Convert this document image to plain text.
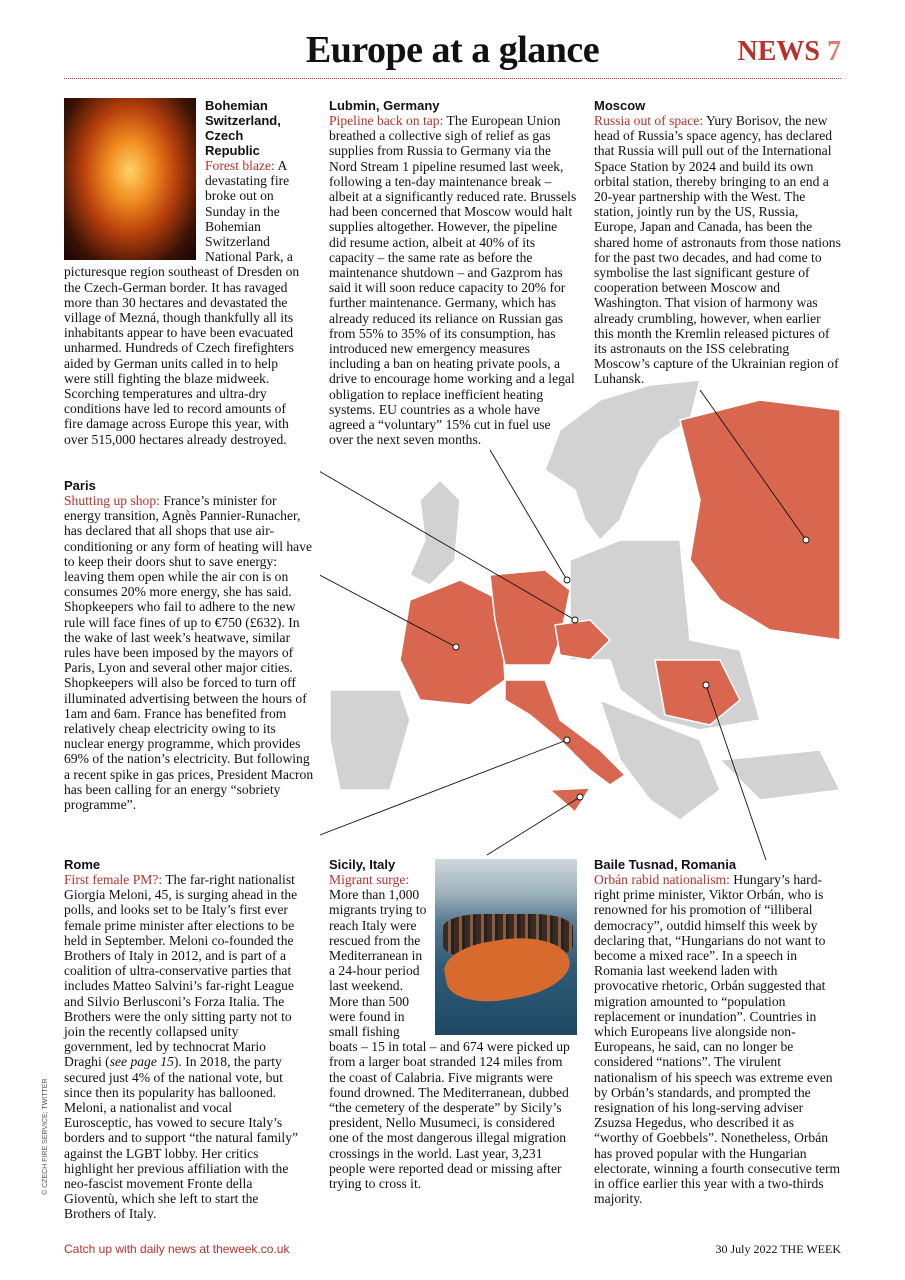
Europe at a glance	NEWS 7
Bohemian Switzerland, Czech Republic
Forest blaze: A devastating fire broke out on Sunday in the Bohemian Switzerland National Park, a picturesque region southeast of Dresden on the Czech-German border. It has ravaged more than 30 hectares and devastated the village of Mezná, though thankfully all its inhabitants appear to have been evacuated unharmed. Hundreds of Czech firefighters aided by German units called in to help were still fighting the blaze midweek. Scorching temperatures and ultra-dry conditions have led to record amounts of fire damage across Europe this year, with over 515,000 hectares already destroyed.
Lubmin, Germany
Pipeline back on tap: The European Union breathed a collective sigh of relief as gas supplies from Russia to Germany via the Nord Stream 1 pipeline resumed last week, following a ten-day maintenance break – albeit at a significantly reduced rate. Brussels had been concerned that Moscow would halt supplies altogether. However, the pipeline did resume action, albeit at 40% of its capacity – the same rate as before the maintenance shutdown – and Gazprom has said it will soon reduce capacity to 20% for further maintenance. Germany, which has already reduced its reliance on Russian gas from 55% to 35% of its consumption, has introduced new emergency measures including a ban on heating private pools, a drive to encourage home working and a legal obligation to replace inefficient heating systems. EU countries as a whole have agreed a “voluntary” 15% cut in fuel use over the next seven months.
Moscow
Russia out of space: Yury Borisov, the new head of Russia’s space agency, has declared that Russia will pull out of the International Space Station by 2024 and build its own orbital station, thereby bringing to an end a 20-year partnership with the West. The station, jointly run by the US, Russia, Europe, Japan and Canada, has been the shared home of astronauts from those nations for the past two decades, and had come to symbolise the last significant gesture of cooperation between Moscow and Washington. That vision of harmony was already crumbling, however, when earlier this month the Kremlin released pictures of its astronauts on the ISS celebrating Moscow’s capture of the Ukrainian region of Luhansk.
Paris
Shutting up shop: France’s minister for energy transition, Agnès Pannier-Runacher, has declared that all shops that use air-conditioning or any form of heating will have to keep their doors shut to save energy: leaving them open while the air con is on consumes 20% more energy, she has said. Shopkeepers who fail to adhere to the new rule will face fines of up to €750 (£632). In the wake of last week’s heatwave, similar rules have been imposed by the mayors of Paris, Lyon and several other major cities. Shopkeepers will also be forced to turn off illuminated advertising between the hours of 1am and 6am. France has benefited from relatively cheap electricity owing to its nuclear energy programme, which provides 69% of the nation’s electricity. But following a recent spike in gas prices, President Macron has been calling for an energy “sobriety programme”.
Rome
First female PM?: The far-right nationalist Giorgia Meloni, 45, is surging ahead in the polls, and looks set to be Italy’s first ever female prime minister after elections to be held in September. Meloni co-founded the Brothers of Italy in 2012, and is part of a coalition of ultra-conservative parties that includes Matteo Salvini’s far-right League and Silvio Berlusconi’s Forza Italia. The Brothers were the only sitting party not to join the recently collapsed unity government, led by technocrat Mario Draghi (see page 15). In 2018, the party secured just 4% of the national vote, but since then its popularity has ballooned. Meloni, a nationalist and vocal Eurosceptic, has vowed to secure Italy’s borders and to support “the natural family” against the LGBT lobby. Her critics highlight her previous affiliation with the neo-fascist movement Fronte della Gioventù, which she left to start the Brothers of Italy.
Sicily, Italy
Migrant surge: More than 1,000 migrants trying to reach Italy were rescued from the Mediterranean in a 24-hour period last weekend. More than 500 were found in small fishing boats – 15 in total – and 674 were picked up from a larger boat stranded 124 miles from the coast of Calabria. Five migrants were found drowned. The Mediterranean, dubbed “the cemetery of the desperate” by Sicily’s president, Nello Musumeci, is considered one of the most dangerous illegal migration crossings in the world. Last year, 3,231 people were reported dead or missing after trying to cross it.
Baile Tusnad, Romania
Orbán rabid nationalism: Hungary’s hard-right prime minister, Viktor Orbán, who is renowned for his promotion of “illiberal democracy”, outdid himself this week by declaring that, “Hungarians do not want to become a mixed race”. In a speech in Romania last weekend laden with provocative rhetoric, Orbán suggested that migration amounted to “population replacement or inundation”. Countries in which Europeans live alongside non-Europeans, he said, can no longer be considered “nations”. The virulent nationalism of his speech was extreme even by Orbán’s standards, and prompted the resignation of his long-serving adviser Zsuzsa Hegedus, who described it as “worthy of Goebbels”. Nonetheless, Orbán has proved popular with the Hungarian electorate, winning a fourth consecutive term in office earlier this year with a two-thirds majority.
© CZECH FIRE SERVICE; TWITTER
Catch up with daily news at theweek.co.uk	30 July 2022 THE WEEK
